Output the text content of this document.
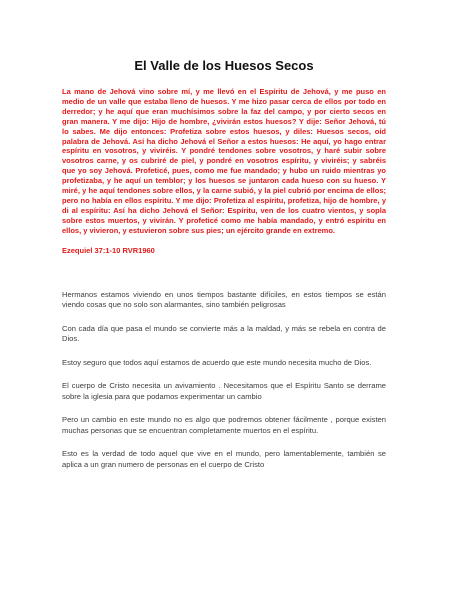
El Valle de los Huesos Secos

La mano de Jehová vino sobre mí, y me llevó en el Espíritu de Jehová, y me puso en medio de un valle que estaba lleno de huesos. Y me hizo pasar cerca de ellos por todo en derredor; y he aquí que eran muchísimos sobre la faz del campo, y por cierto secos en gran manera. Y me dijo: Hijo de hombre, ¿vivirán estos huesos? Y dije: Señor Jehová, tú lo sabes. Me dijo entonces: Profetiza sobre estos huesos, y diles: Huesos secos, oíd palabra de Jehová. Así ha dicho Jehová el Señor a estos huesos: He aquí, yo hago entrar espíritu en vosotros, y viviréis. Y pondré tendones sobre vosotros, y haré subir sobre vosotros carne, y os cubriré de piel, y pondré en vosotros espíritu, y viviréis; y sabréis que yo soy Jehová. Profeticé, pues, como me fue mandado; y hubo un ruido mientras yo profetizaba, y he aquí un temblor; y los huesos se juntaron cada hueso con su hueso. Y miré, y he aquí tendones sobre ellos, y la carne subió, y la piel cubrió por encima de ellos; pero no había en ellos espíritu. Y me dijo: Profetiza al espíritu, profetiza, hijo de hombre, y di al espíritu: Así ha dicho Jehová el Señor: Espíritu, ven de los cuatro vientos, y sopla sobre estos muertos, y vivirán. Y profeticé como me había mandado, y entró espíritu en ellos, y vivieron, y estuvieron sobre sus pies; un ejército grande en extremo.

Ezequiel 37:1-10 RVR1960

Hermanos estamos viviendo en unos tiempos bastante difíciles, en estos tiempos se están viendo cosas que no solo son alarmantes, sino también peligrosas

Con cada día que pasa el mundo se convierte más a la maldad, y más se rebela en contra de Dios.

Estoy seguro que todos aquí estamos de acuerdo que este mundo necesita mucho de Dios.

El cuerpo de Cristo necesita un avivamiento . Necesitamos que el Espíritu Santo se derrame sobre la iglesia para que podamos experimentar un cambio

Pero un cambio en este mundo no es algo que podremos obtener fácilmente , porque existen muchas personas que se encuentran completamente muertos en el espíritu.

Esto es la verdad de todo aquel que vive en el mundo, pero lamentablemente, también se aplica a un gran numero de personas en el cuerpo de Cristo
